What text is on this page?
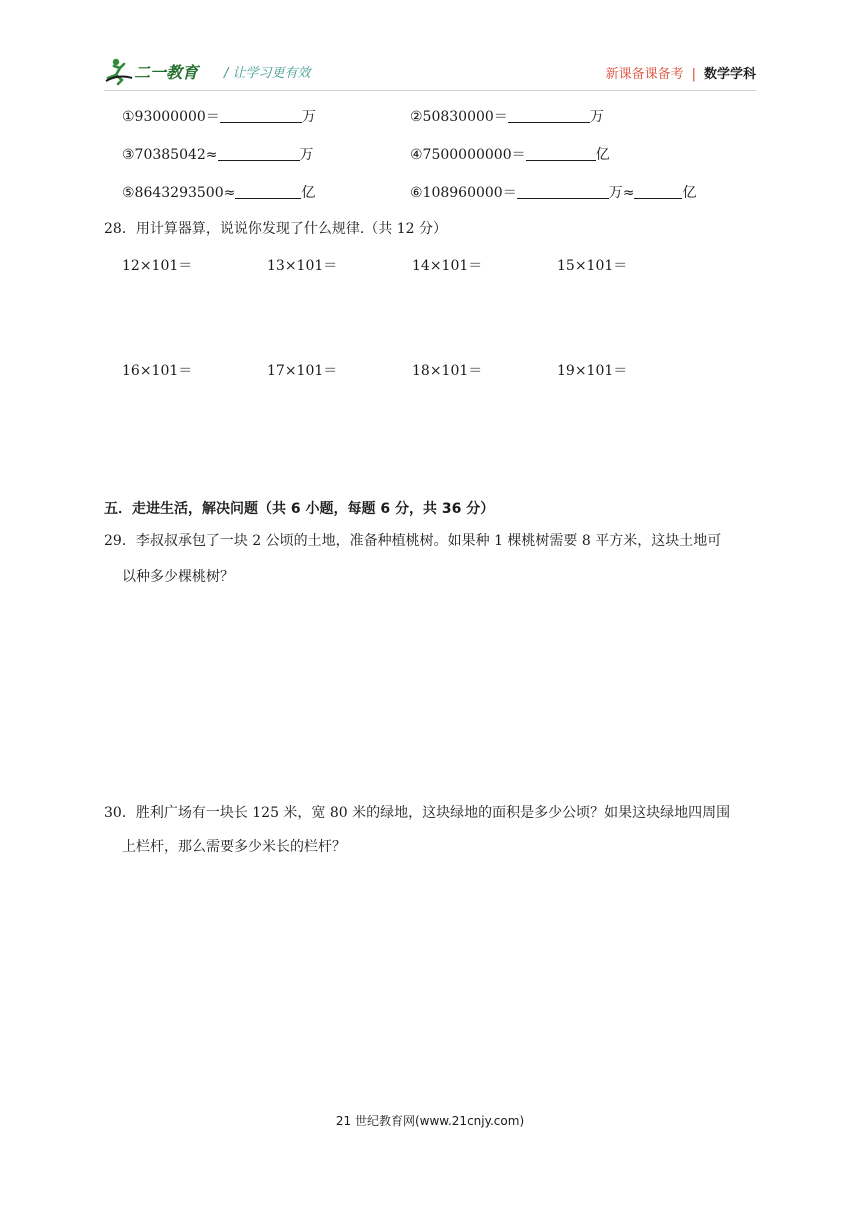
二一教育 / 让学习更有效	新课备课备考 | 数学学科
①93000000＝	万	②50830000＝	万
③70385042≈	万	④7500000000＝	亿
⑤8643293500≈	亿	⑥108960000＝	万≈	亿
28．用计算器算，说说你发现了什么规律.（共 12 分）
12×101＝	13×101＝	14×101＝	15×101＝
16×101＝	17×101＝	18×101＝	19×101＝
五．走进生活，解决问题（共 6 小题，每题 6 分，共 36 分）
29．李叔叔承包了一块 2 公顷的土地，准备种植桃树。如果种 1 棵桃树需要 8 平方米，这块土地可
以种多少棵桃树？
30．胜利广场有一块长 125 米，宽 80 米的绿地，这块绿地的面积是多少公顷？如果这块绿地四周围
上栏杆，那么需要多少米长的栏杆？
21 世纪教育网(www.21cnjy.com)
